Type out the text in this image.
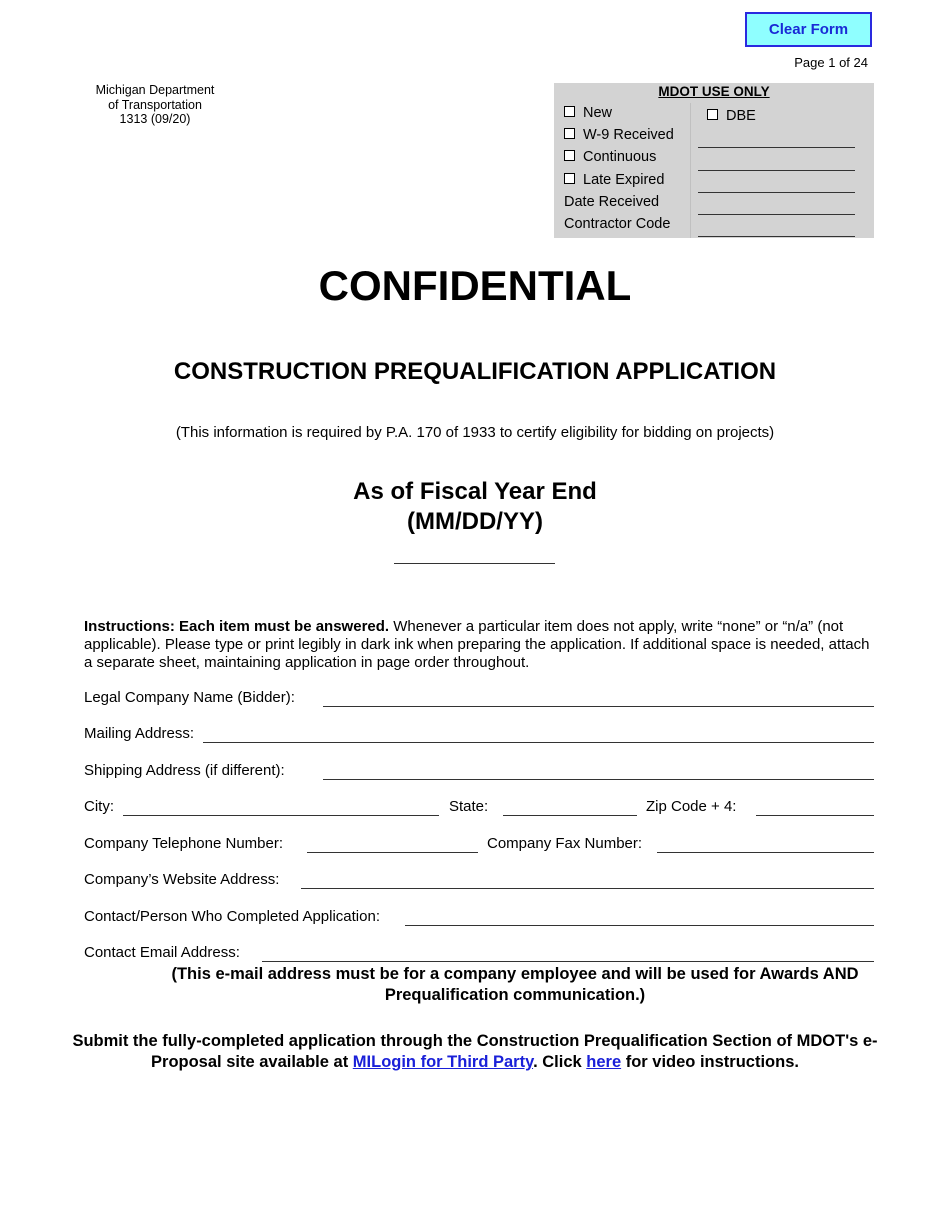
Clear Form
Page 1 of 24
Michigan Department
of Transportation
1313 (09/20)
MDOT USE ONLY
New	DBE
W-9 Received
Continuous
Late Expired
Date Received
Contractor Code
CONFIDENTIAL
CONSTRUCTION PREQUALIFICATION APPLICATION
(This information is required by P.A. 170 of 1933 to certify eligibility for bidding on projects)
As of Fiscal Year End
(MM/DD/YY)
Instructions: Each item must be answered. Whenever a particular item does not apply, write “none” or “n/a” (not applicable). Please type or print legibly in dark ink when preparing the application. If additional space is needed, attach a separate sheet, maintaining application in page order throughout.
Legal Company Name (Bidder):
Mailing Address:
Shipping Address (if different):
City:	State:	Zip Code + 4:
Company Telephone Number:	Company Fax Number:
Company’s Website Address:
Contact/Person Who Completed Application:
Contact Email Address:
(This e-mail address must be for a company employee and will be used for Awards AND Prequalification communication.)
Submit the fully-completed application through the Construction Prequalification Section of MDOT's e-Proposal site available at MILogin for Third Party. Click here for video instructions.
